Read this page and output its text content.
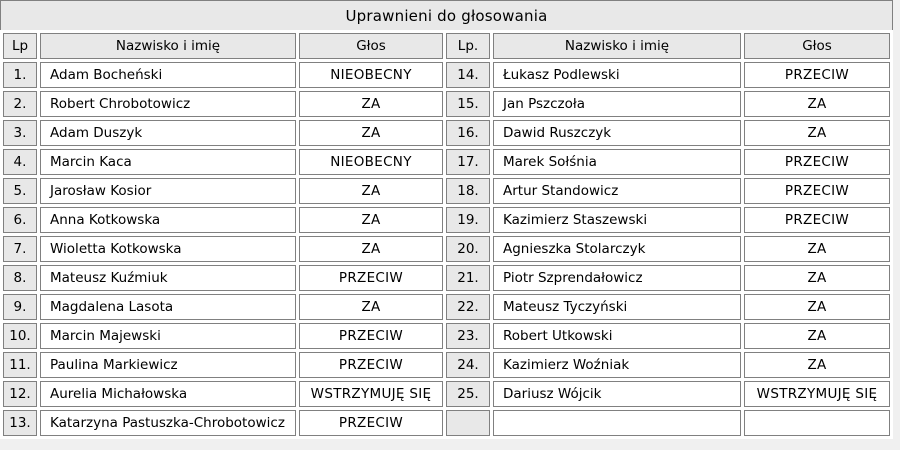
Uprawnieni do głosowania
Lp	Nazwisko i imię	Głos	Lp.	Nazwisko i imię	Głos
1.	Adam Bocheński	NIEOBECNY	14.	Łukasz Podlewski	PRZECIW
2.	Robert Chrobotowicz	ZA	15.	Jan Pszczoła	ZA
3.	Adam Duszyk	ZA	16.	Dawid Ruszczyk	ZA
4.	Marcin Kaca	NIEOBECNY	17.	Marek Sołśnia	PRZECIW
5.	Jarosław Kosior	ZA	18.	Artur Standowicz	PRZECIW
6.	Anna Kotkowska	ZA	19.	Kazimierz Staszewski	PRZECIW
7.	Wioletta Kotkowska	ZA	20.	Agnieszka Stolarczyk	ZA
8.	Mateusz Kuźmiuk	PRZECIW	21.	Piotr Szprendałowicz	ZA
9.	Magdalena Lasota	ZA	22.	Mateusz Tyczyński	ZA
10.	Marcin Majewski	PRZECIW	23.	Robert Utkowski	ZA
11.	Paulina Markiewicz	PRZECIW	24.	Kazimierz Woźniak	ZA
12.	Aurelia Michałowska	WSTRZYMUJĘ SIĘ	25.	Dariusz Wójcik	WSTRZYMUJĘ SIĘ
13.	Katarzyna Pastuszka-Chrobotowicz	PRZECIW			
